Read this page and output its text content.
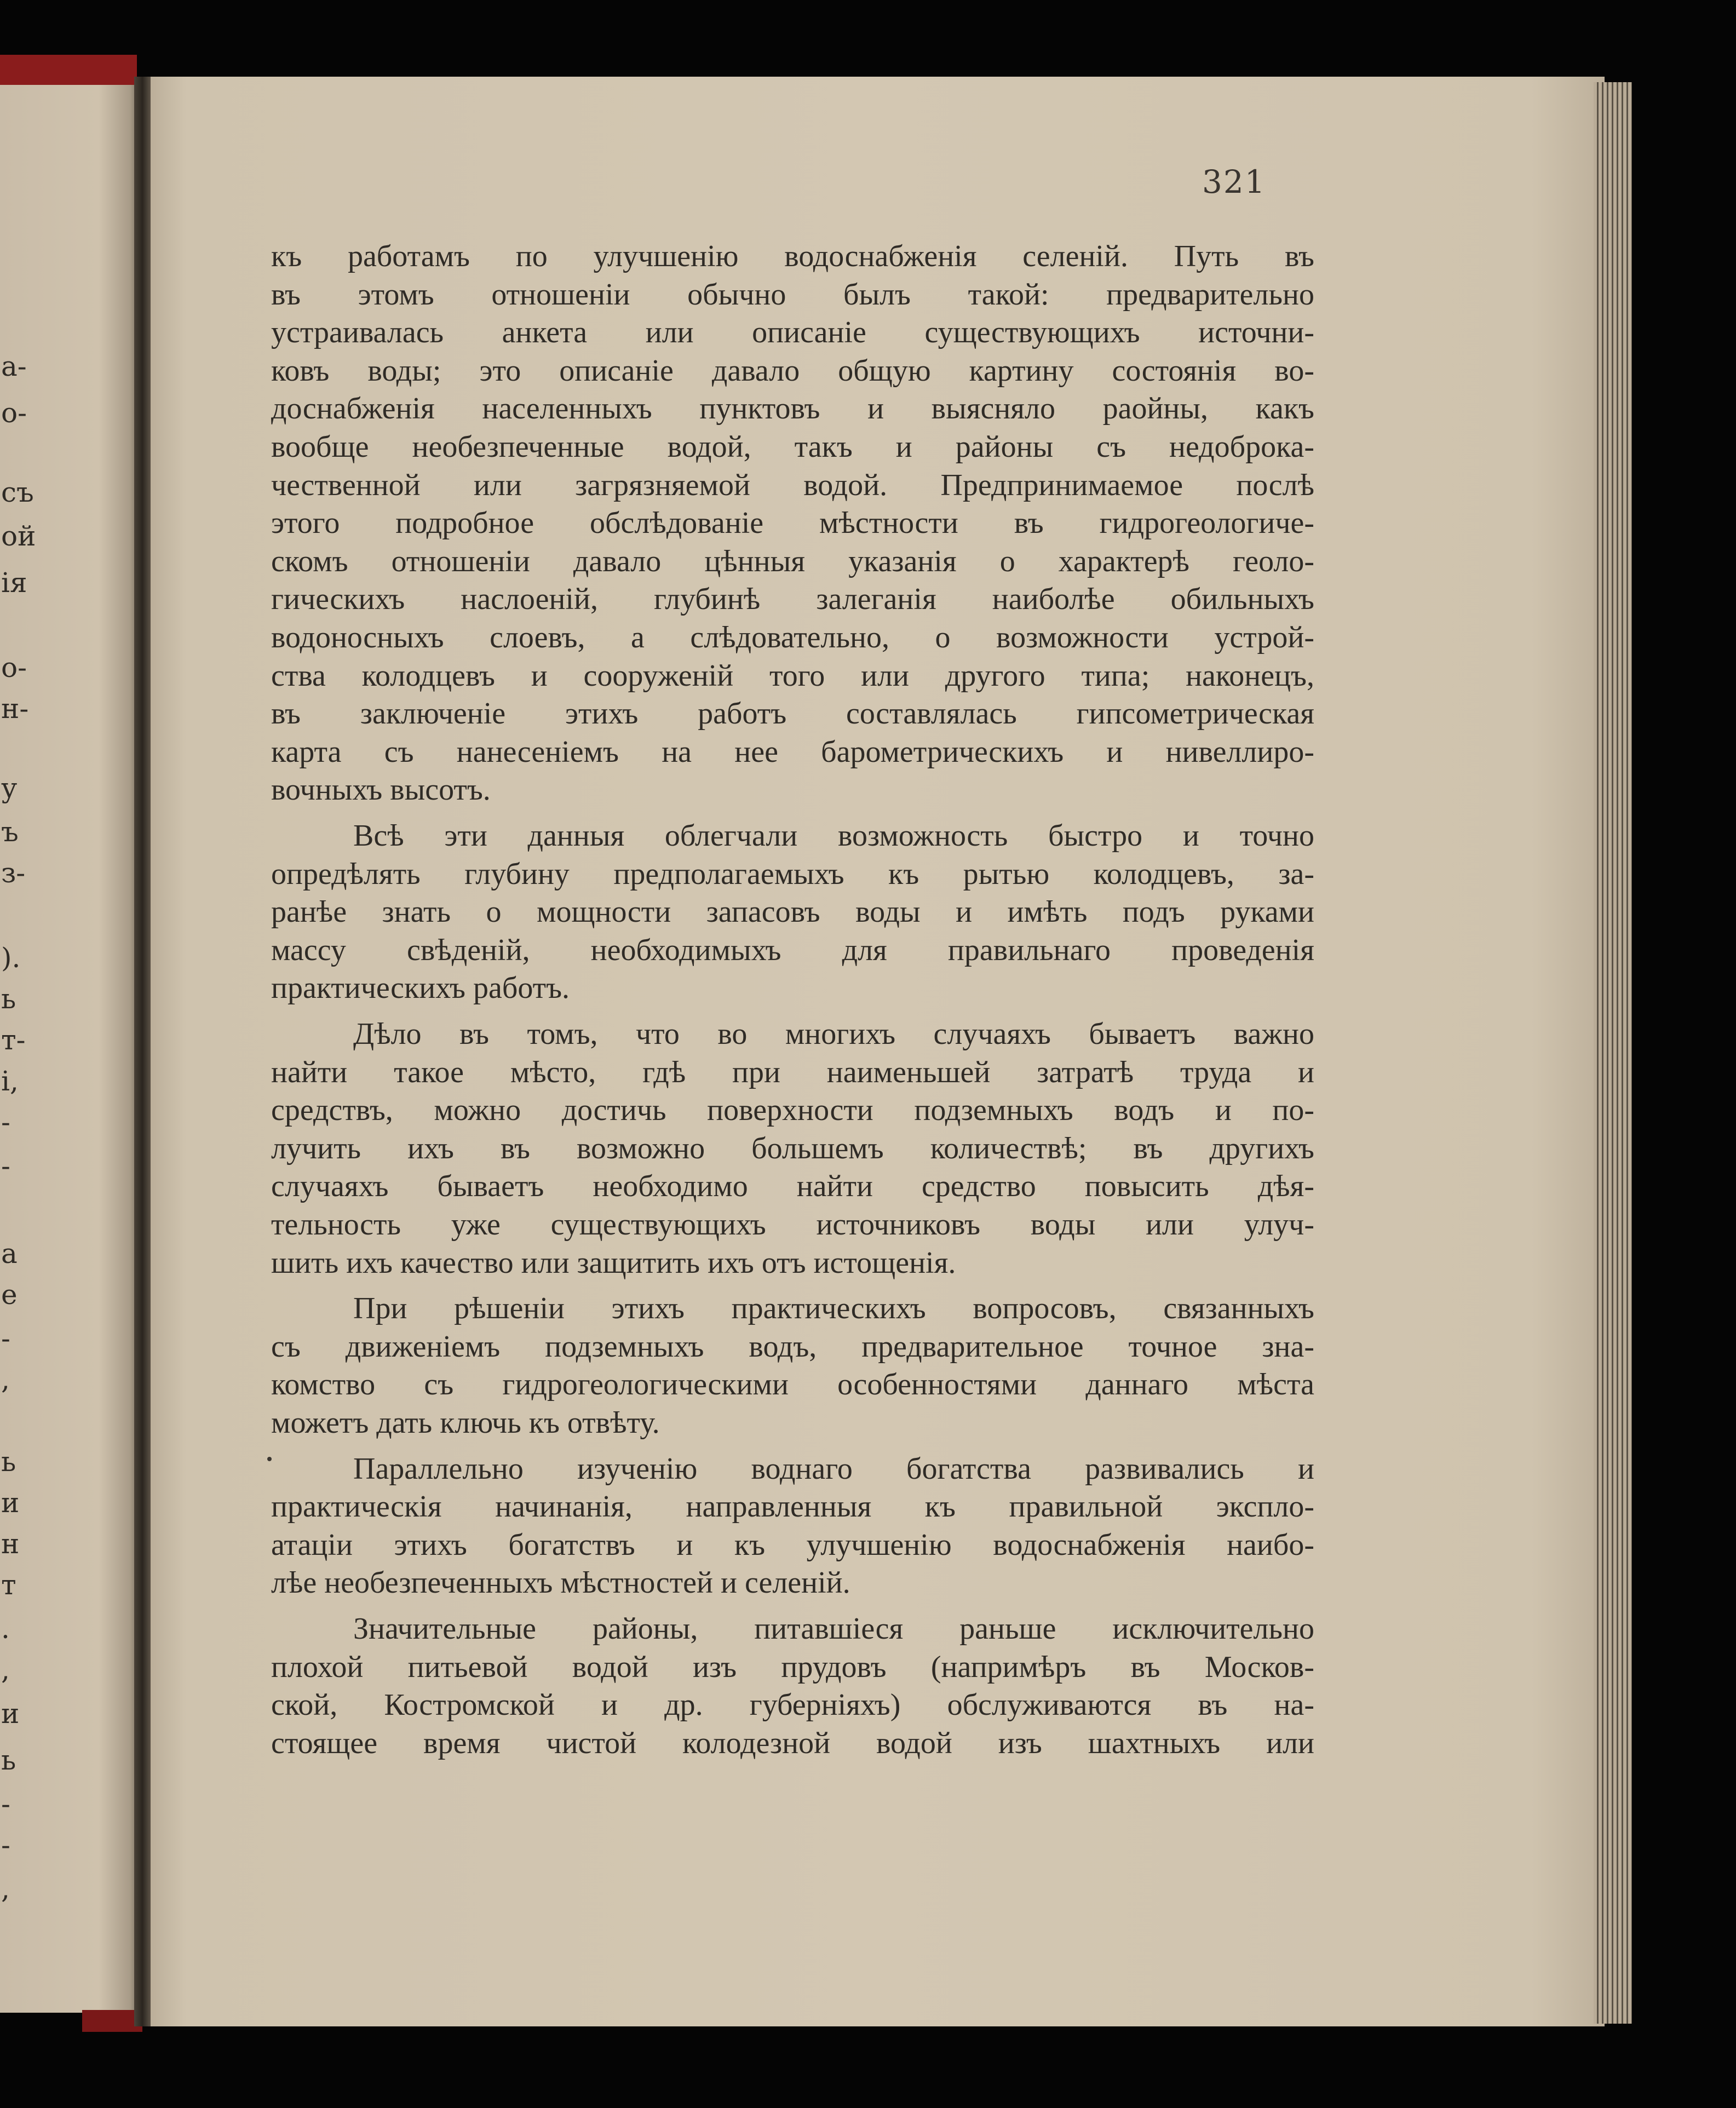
а-
о-
съ
ой
ія
о-
н-
у
ъ
з-
).
ь
т-
і,
-
-
а
е
-
,
ь
и
н
т
.
,
и
ь
-
-
,
321
къ работамъ по улучшенію водоснабженія селеній. Путь въ
въ этомъ отношеніи обычно былъ такой: предварительно
устраивалась анкета или описаніе существующихъ источни-
ковъ воды; это описаніе давало общую картину состоянія во-
доснабженія населенныхъ пунктовъ и выясняло раойны, какъ
вообще необезпеченные водой, такъ и районы съ недоброка-
чественной или загрязняемой водой. Предпринимаемое послѣ
этого подробное обслѣдованіе мѣстности въ гидрогеологиче-
скомъ отношеніи давало цѣнныя указанія о характерѣ геоло-
гическихъ наслоеній, глубинѣ залеганія наиболѣе обильныхъ
водоносныхъ слоевъ, а слѣдовательно, о возможности устрой-
ства колодцевъ и сооруженій того или другого типа; наконецъ,
въ заключеніе этихъ работъ составлялась гипсометрическая
карта съ нанесеніемъ на нее барометрическихъ и нивеллиро-
вочныхъ высотъ.
Всѣ эти данныя облегчали возможность быстро и точно
опредѣлять глубину предполагаемыхъ къ рытью колодцевъ, за-
ранѣе знать о мощности запасовъ воды и имѣть подъ руками
массу свѣденій, необходимыхъ для правильнаго проведенія
практическихъ работъ.
Дѣло въ томъ, что во многихъ случаяхъ бываетъ важно
найти такое мѣсто, гдѣ при наименьшей затратѣ труда и
средствъ, можно достичь поверхности подземныхъ водъ и по-
лучить ихъ въ возможно большемъ количествѣ; въ другихъ
случаяхъ бываетъ необходимо найти средство повысить дѣя-
тельность уже существующихъ источниковъ воды или улуч-
шить ихъ качество или защитить ихъ отъ истощенія.
При рѣшеніи этихъ практическихъ вопросовъ, связанныхъ
съ движеніемъ подземныхъ водъ, предварительное точное зна-
комство съ гидрогеологическими особенностями даннаго мѣста
можетъ дать ключь къ отвѣту.
Параллельно изученію воднаго богатства развивались и
практическія начинанія, направленныя къ правильной экспло-
атаціи этихъ богатствъ и къ улучшенію водоснабженія наибо-
лѣе необезпеченныхъ мѣстностей и селеній.
Значительные районы, питавшіеся раньше исключительно
плохой питьевой водой изъ прудовъ (напримѣръ въ Москов-
ской, Костромской и др. губерніяхъ) обслуживаются въ на-
стоящее время чистой колодезной водой изъ шахтныхъ или
